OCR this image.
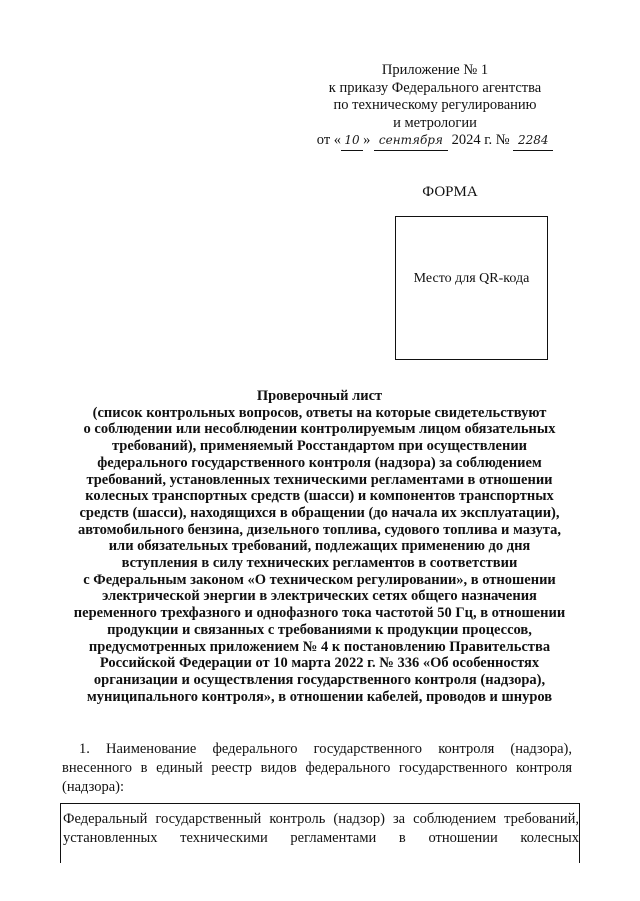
Приложение № 1
к приказу Федерального агентства
по техническому регулированию
и метрологии
от « 10 » сентября 2024 г. № 2284
ФОРМА
Место для QR-кода
Проверочный лист
(список контрольных вопросов, ответы на которые свидетельствуют
о соблюдении или несоблюдении контролируемым лицом обязательных
требований), применяемый Росстандартом при осуществлении
федерального государственного контроля (надзора) за соблюдением
требований, установленных техническими регламентами в отношении
колесных транспортных средств (шасси) и компонентов транспортных
средств (шасси), находящихся в обращении (до начала их эксплуатации),
автомобильного бензина, дизельного топлива, судового топлива и мазута,
или обязательных требований, подлежащих применению до дня
вступления в силу технических регламентов в соответствии
с Федеральным законом «О техническом регулировании», в отношении
электрической энергии в электрических сетях общего назначения
переменного трехфазного и однофазного тока частотой 50 Гц, в отношении
продукции и связанных с требованиями к продукции процессов,
предусмотренных приложением № 4 к постановлению Правительства
Российской Федерации от 10 марта 2022 г. № 336 «Об особенностях
организации и осуществления государственного контроля (надзора),
муниципального контроля», в отношении кабелей, проводов и шнуров
1. Наименование федерального государственного контроля (надзора),
внесенного в единый реестр видов федерального государственного контроля
(надзора):
Федеральный государственный контроль (надзор) за соблюдением требований,
установленных техническими регламентами в отношении колесных
